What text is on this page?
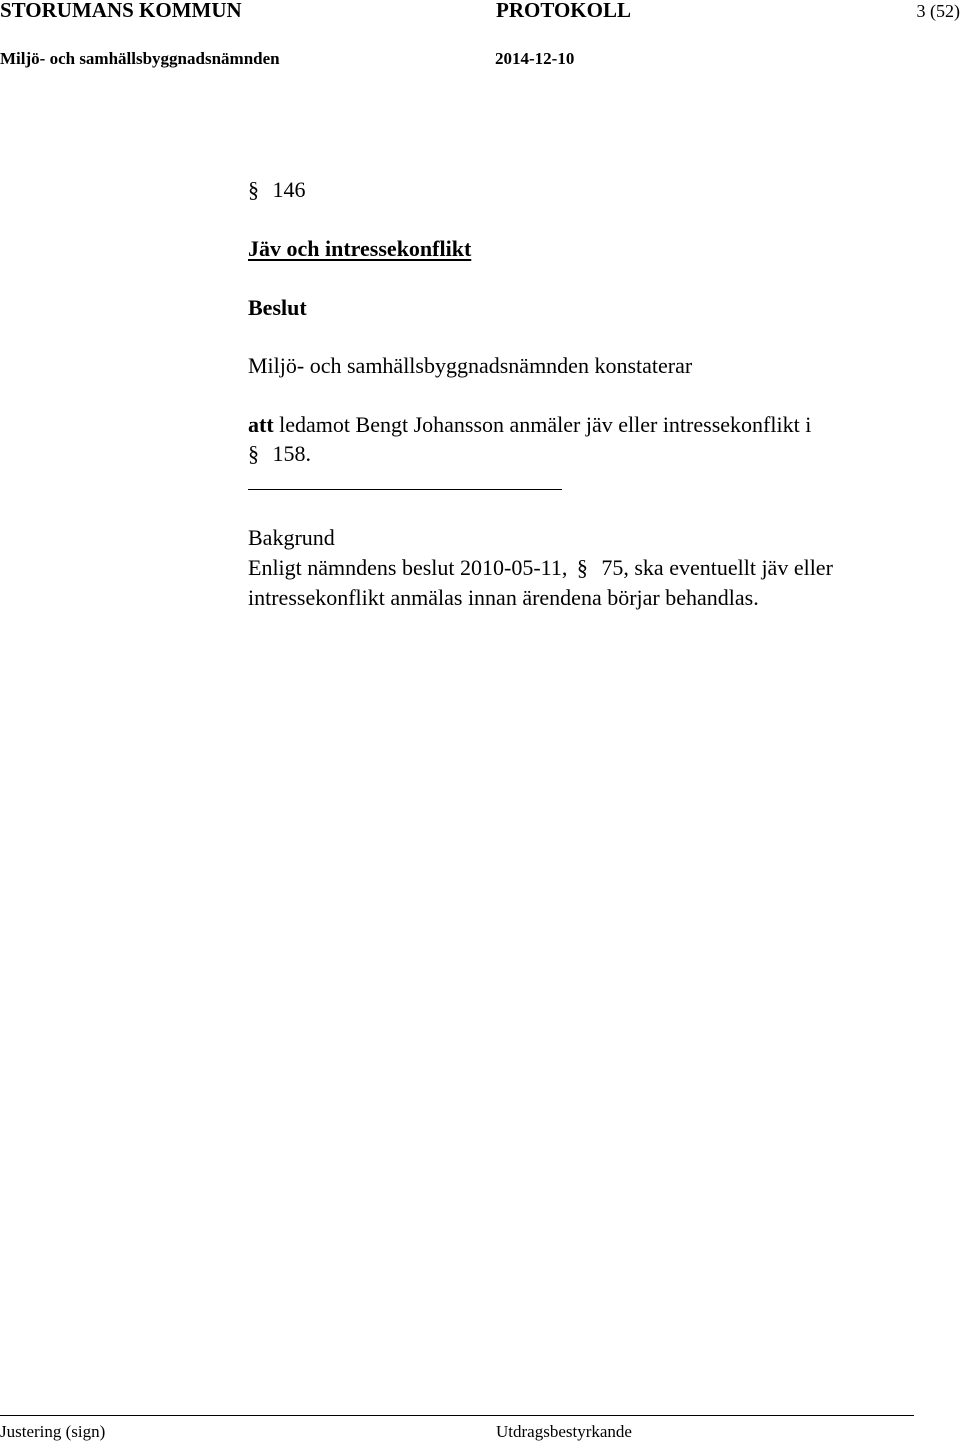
STORUMANS KOMMUN	PROTOKOLL	3 (52)
Miljö- och samhällsbyggnadsnämnden	2014-12-10
§ 146
Jäv och intressekonflikt
Beslut
Miljö- och samhällsbyggnadsnämnden konstaterar
att ledamot Bengt Johansson anmäler jäv eller intressekonflikt i
§ 158.
Bakgrund
Enligt nämndens beslut 2010-05-11, § 75, ska eventuellt jäv eller
intressekonflikt anmälas innan ärendena börjar behandlas.
Justering (sign)	Utdragsbestyrkande
